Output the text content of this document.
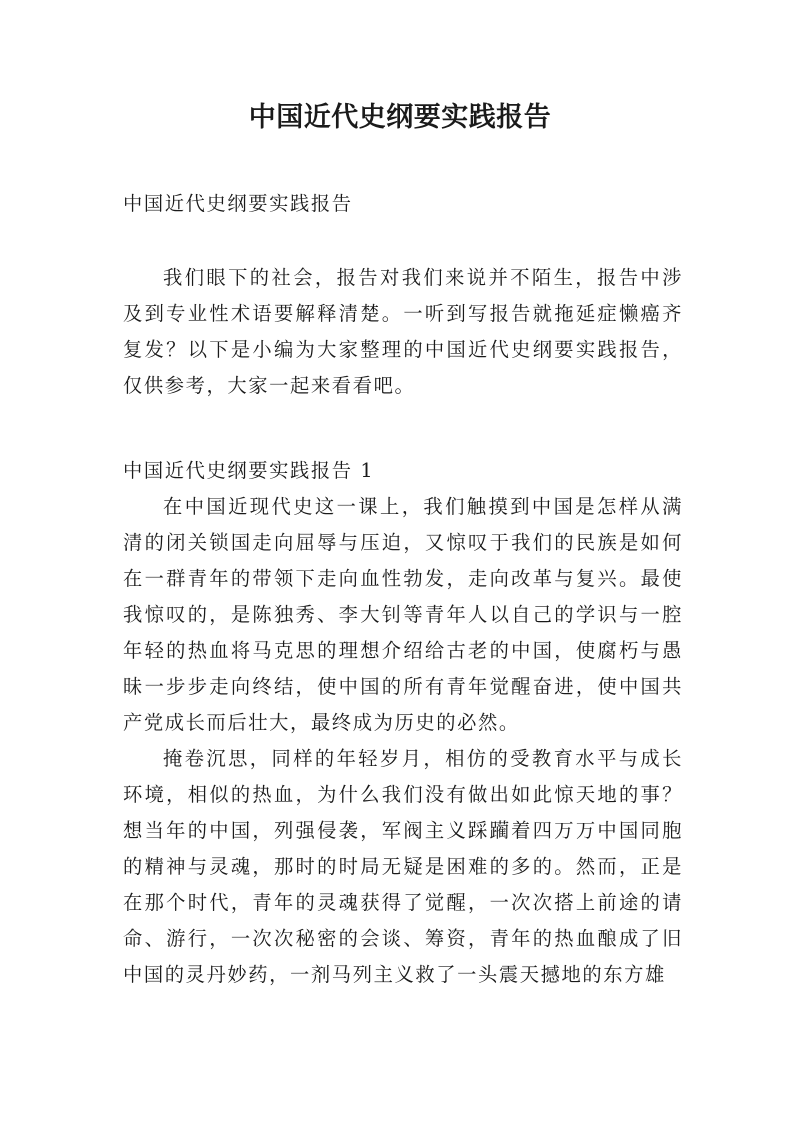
中国近代史纲要实践报告

中国近代史纲要实践报告

我们眼下的社会，报告对我们来说并不陌生，报告中涉及到专业性术语要解释清楚。一听到写报告就拖延症懒癌齐复发？以下是小编为大家整理的中国近代史纲要实践报告，仅供参考，大家一起来看看吧。

中国近代史纲要实践报告 1

在中国近现代史这一课上，我们触摸到中国是怎样从满清的闭关锁国走向屈辱与压迫，又惊叹于我们的民族是如何在一群青年的带领下走向血性勃发，走向改革与复兴。最使我惊叹的，是陈独秀、李大钊等青年人以自己的学识与一腔年轻的热血将马克思的理想介绍给古老的中国，使腐朽与愚昧一步步走向终结，使中国的所有青年觉醒奋进，使中国共产党成长而后壮大，最终成为历史的必然。

掩卷沉思，同样的年轻岁月，相仿的受教育水平与成长环境，相似的热血，为什么我们没有做出如此惊天地的事？想当年的中国，列强侵袭，军阀主义踩躏着四万万中国同胞的精神与灵魂，那时的时局无疑是困难的多的。然而，正是在那个时代，青年的灵魂获得了觉醒，一次次搭上前途的请命、游行，一次次秘密的会谈、筹资，青年的热血酿成了旧中国的灵丹妙药，一剂马列主义救了一头震天撼地的东方雄
